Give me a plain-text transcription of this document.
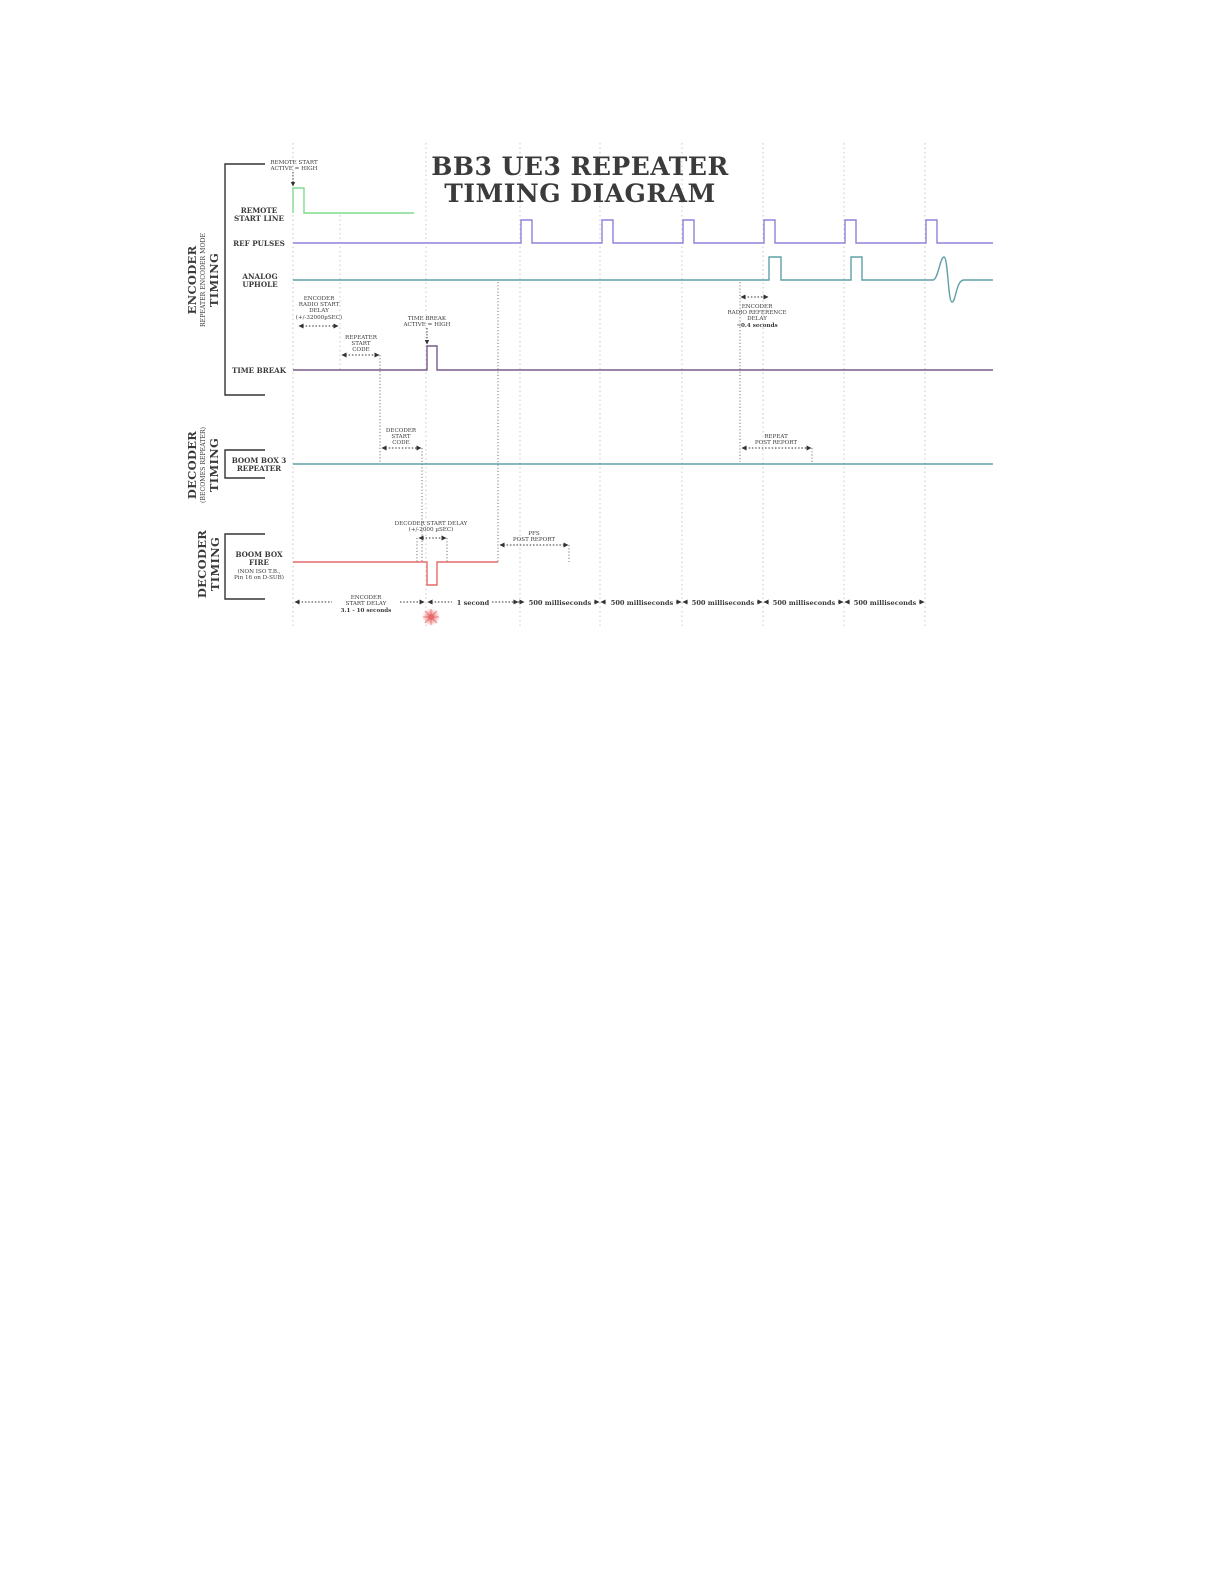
BB3 UE3 REPEATER
TIMING DIAGRAM
ENCODER REPEATER ENCODER MODE TIMING
DECODER (BECOMES REPEATER) TIMING
DECODER TIMING
REMOTE
START LINE
REF PULSES
ANALOG
UPHOLE
TIME BREAK
BOOM BOX 3
REPEATER
BOOM BOX
FIRE
(NON ISO T.B.,
Pin 16 on D-SUB)
REMOTE START
ACTIVE = HIGH
ENCODER
RADIO START
DELAY
(+/-32000µSEC)
REPEATER
START
CODE
TIME BREAK
ACTIVE = HIGH
ENCODER
RADIO REFERENCE
DELAY
~0.4 seconds
DECODER
START
CODE
REPEAT
POST REPORT
DECODER START DELAY
(+/-2000 µSEC)
PFS
POST REPORT
ENCODER
START DELAY
3.1 - 10 seconds
1 second	500 milliseconds	500 milliseconds	500 milliseconds	500 milliseconds	500 milliseconds
